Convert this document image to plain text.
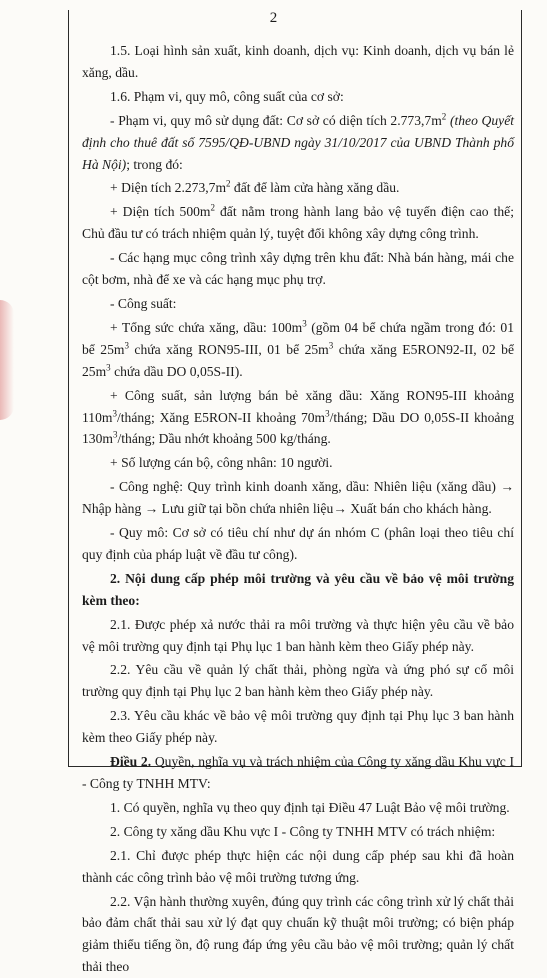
2

1.5. Loại hình sản xuất, kinh doanh, dịch vụ: Kinh doanh, dịch vụ bán lẻ xăng, dầu.

1.6. Phạm vi, quy mô, công suất của cơ sở:

- Phạm vi, quy mô sử dụng đất: Cơ sở có diện tích $2.773,7m^2$ (theo Quyết định cho thuê đất số 7595/QĐ-UBND ngày 31/10/2017 của UBND Thành phố Hà Nội); trong đó:

+ Diện tích $2.273,7m^2$ đất để làm cửa hàng xăng dầu.

+ Diện tích $500m^2$ đất nằm trong hành lang bảo vệ tuyến điện cao thế; Chủ đầu tư có trách nhiệm quản lý, tuyệt đối không xây dựng công trình.

- Các hạng mục công trình xây dựng trên khu đất: Nhà bán hàng, mái che cột bơm, nhà để xe và các hạng mục phụ trợ.

- Công suất:

+ Tổng sức chứa xăng, dầu: $100m^3$ (gồm 04 bể chứa ngầm trong đó: 01 bể $25m^3$ chứa xăng RON95-III, 01 bể $25m^3$ chứa xăng E5RON92-II, 02 bể $25m^3$ chứa dầu DO 0,05S-II).

+ Công suất, sản lượng bán bẻ xăng dầu: Xăng RON95-III khoảng $110m^3$/tháng; Xăng E5RON-II khoảng $70m^3$/tháng; Dầu DO 0,05S-II khoảng $130m^3$/tháng; Dầu nhớt khoảng 500 kg/tháng.

+ Số lượng cán bộ, công nhân: 10 người.

- Công nghệ: Quy trình kinh doanh xăng, dầu: Nhiên liệu (xăng dầu) → Nhập hàng → Lưu giữ tại bồn chứa nhiên liệu→ Xuất bán cho khách hàng.

- Quy mô: Cơ sở có tiêu chí như dự án nhóm C (phân loại theo tiêu chí quy định của pháp luật về đầu tư công).

2. Nội dung cấp phép môi trường và yêu cầu về bảo vệ môi trường kèm theo:

2.1. Được phép xả nước thải ra môi trường và thực hiện yêu cầu về bảo vệ môi trường quy định tại Phụ lục 1 ban hành kèm theo Giấy phép này.

2.2. Yêu cầu về quản lý chất thải, phòng ngừa và ứng phó sự cố môi trường quy định tại Phụ lục 2 ban hành kèm theo Giấy phép này.

2.3. Yêu cầu khác về bảo vệ môi trường quy định tại Phụ lục 3 ban hành kèm theo Giấy phép này.

Điều 2. Quyền, nghĩa vụ và trách nhiệm của Công ty xăng dầu Khu vực I - Công ty TNHH MTV:

1. Có quyền, nghĩa vụ theo quy định tại Điều 47 Luật Bảo vệ môi trường.

2. Công ty xăng dầu Khu vực I - Công ty TNHH MTV có trách nhiệm:

2.1. Chỉ được phép thực hiện các nội dung cấp phép sau khi đã hoàn thành các công trình bảo vệ môi trường tương ứng.

2.2. Vận hành thường xuyên, đúng quy trình các công trình xử lý chất thải bảo đảm chất thải sau xử lý đạt quy chuẩn kỹ thuật môi trường; có biện pháp giảm thiểu tiếng ồn, độ rung đáp ứng yêu cầu bảo vệ môi trường; quản lý chất thải theo
